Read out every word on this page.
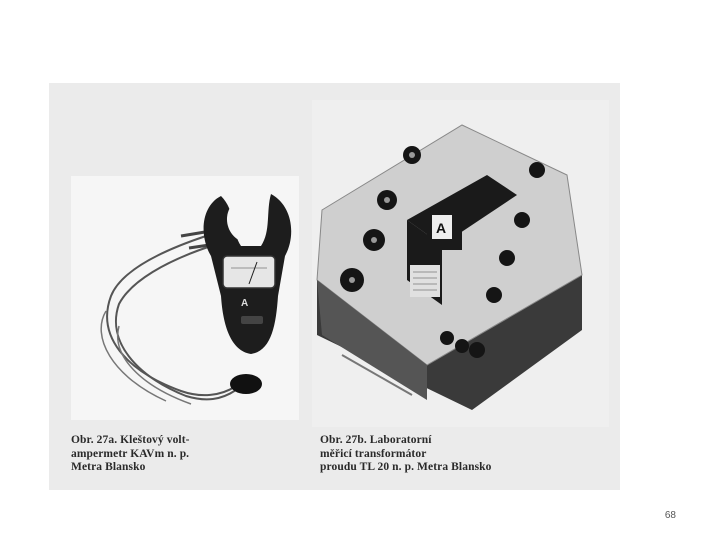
A
A
Obr. 27a. Kleštový volt-
ampermetr KAVm n. p.
Metra Blansko
Obr. 27b. Laboratorní
měřicí transformátor
proudu TL 20 n. p. Metra Blansko
68
